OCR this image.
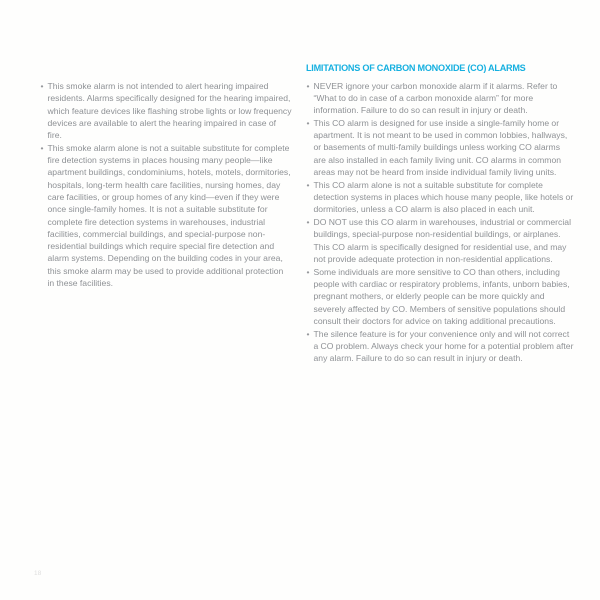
• This smoke alarm is not intended to alert hearing impaired residents. Alarms specifically designed for the hearing impaired, which feature devices like flashing strobe lights or low frequency devices are available to alert the hearing impaired in case of fire.
• This smoke alarm alone is not a suitable substitute for complete fire detection systems in places housing many people—like apartment buildings, condominiums, hotels, motels, dormitories, hospitals, long-term health care facilities, nursing homes, day care facilities, or group homes of any kind—even if they were once single-family homes. It is not a suitable substitute for complete fire detection systems in warehouses, industrial facilities, commercial buildings, and special-purpose non-residential buildings which require special fire detection and alarm systems. Depending on the building codes in your area, this smoke alarm may be used to provide additional protection in these facilities.
LIMITATIONS OF CARBON MONOXIDE (CO) ALARMS
• NEVER ignore your carbon monoxide alarm if it alarms. Refer to “What to do in case of a carbon monoxide alarm” for more information. Failure to do so can result in injury or death.
• This CO alarm is designed for use inside a single-family home or apartment. It is not meant to be used in common lobbies, hallways, or basements of multi-family buildings unless working CO alarms are also installed in each family living unit. CO alarms in common areas may not be heard from inside individual family living units.
• This CO alarm alone is not a suitable substitute for complete detection systems in places which house many people, like hotels or dormitories, unless a CO alarm is also placed in each unit.
• DO NOT use this CO alarm in warehouses, industrial or commercial buildings, special-purpose non-residential buildings, or airplanes. This CO alarm is specifically designed for residential use, and may not provide adequate protection in non-residential applications.
• Some individuals are more sensitive to CO than others, including people with cardiac or respiratory problems, infants, unborn babies, pregnant mothers, or elderly people can be more quickly and severely affected by CO. Members of sensitive populations should consult their doctors for advice on taking additional precautions.
• The silence feature is for your convenience only and will not correct a CO problem. Always check your home for a potential problem after any alarm. Failure to do so can result in injury or death.
18
